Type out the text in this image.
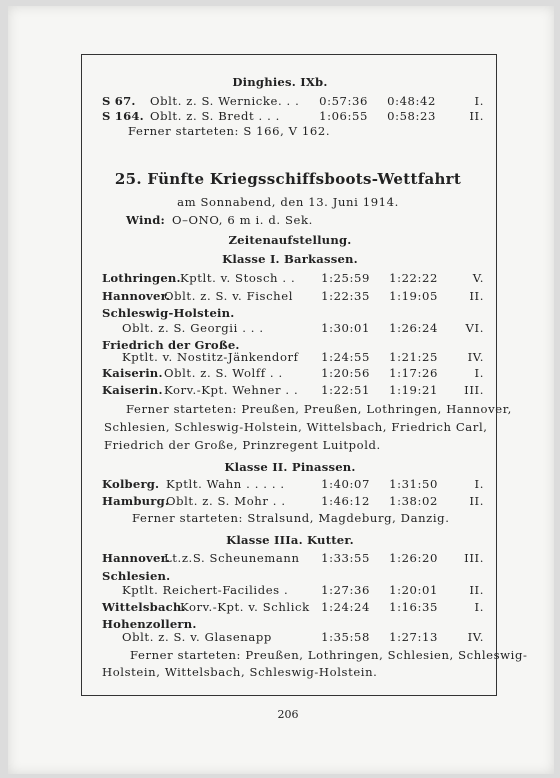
Dinghies. IXb.
S 67. Oblt. z. S. Wernicke. . .	0:57:36	0:48:42	I.
S 164. Oblt. z. S. Bredt . . .	1:06:55	0:58:23	II.
Ferner starteten: S 166, V 162.
25. Fünfte Kriegsschiffsboots-Wettfahrt
am Sonnabend, den 13. Juni 1914.
Wind: O–ONO, 6 m i. d. Sek.
Zeitenaufstellung.
Klasse I. Barkassen.
Lothringen. Kptlt. v. Stosch . .	1:25:59	1:22:22	V.
Hannover.
Oblt. z. S. v. Fischel	1:22:35	1:19:05	II.
Schleswig-Holstein.
Oblt. z. S. Georgii . . .	1:30:01	1:26:24	VI.
Friedrich der Große.
Kptlt. v. Nostitz-Jänkendorf	1:24:55	1:21:25	IV.
Kaiserin. Oblt. z. S. Wolff . .	1:20:56	1:17:26	I.
Kaiserin. Korv.-Kpt. Wehner . .	1:22:51	1:19:21	III.
Ferner starteten: Preußen, Preußen, Lothringen, Hannover,
Schlesien, Schleswig-Holstein, Wittelsbach, Friedrich Carl,
Friedrich der Große, Prinzregent Luitpold.
Klasse II. Pinassen.
Kolberg. Kptlt. Wahn . . . . .	1:40:07	1:31:50	I.
Hamburg.
Oblt. z. S. Mohr . .	1:46:12	1:38:02	II.
Ferner starteten: Stralsund, Magdeburg, Danzig.
Klasse IIIa. Kutter.
Hannover.
Lt.z.S. Scheunemann	1:33:55	1:26:20	III.
Schlesien.
Kptlt. Reichert-Facilides .	1:27:36	1:20:01	II.
Wittelsbach.
Korv.-Kpt. v. Schlick 1:24:24	1:16:35	I.
Hohenzollern.
Oblt. z. S. v. Glasenapp	1:35:58	1:27:13	IV.
Ferner starteten: Preußen, Lothringen, Schlesien, Schleswig-
Holstein, Wittelsbach, Schleswig-Holstein.
206
